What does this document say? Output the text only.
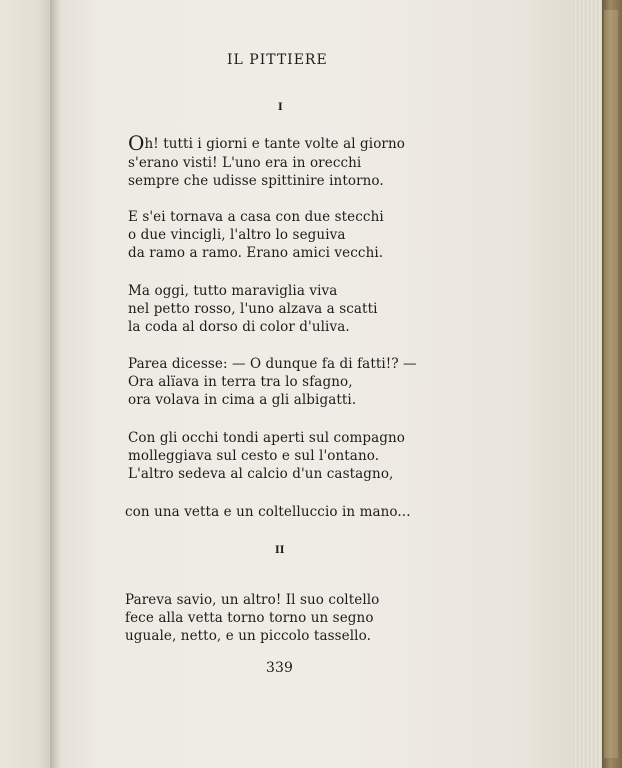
IL PITTIERE
I
Oh! tutti i giorni e tante volte al giorno
s'erano visti! L'uno era in orecchi
sempre che udisse spittinire intorno.
E s'ei tornava a casa con due stecchi
o due vincigli, l'altro lo seguiva
da ramo a ramo. Erano amici vecchi.
Ma oggi, tutto maraviglia viva
nel petto rosso, l'uno alzava a scatti
la coda al dorso di color d'uliva.
Parea dicesse: — O dunque fa di fatti!? —
Ora alïava in terra tra lo sfagno,
ora volava in cima a gli albigatti.
Con gli occhi tondi aperti sul compagno
molleggiava sul cesto e sul l'ontano.
L'altro sedeva al calcio d'un castagno,
con una vetta e un coltelluccio in mano...
II
Pareva savio, un altro! Il suo coltello
fece alla vetta torno torno un segno
uguale, netto, e un piccolo tassello.
339
